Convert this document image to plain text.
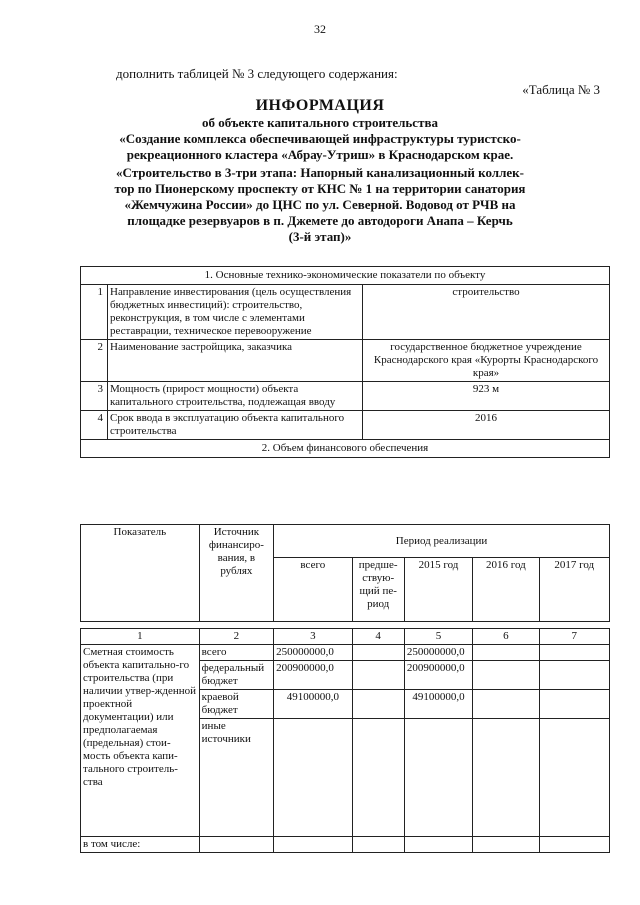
32
дополнить таблицей № 3 следующего содержания:
«Таблица № 3
ИНФОРМАЦИЯ
об объекте капитального строительства
«Создание комплекса обеспечивающей инфраструктуры туристско-
рекреационного кластера «Абрау-Утриш» в Краснодарском крае.
«Строительство в 3-три этапа: Напорный канализационный коллек-
тор по Пионерскому проспекту от КНС № 1 на территории санатория
«Жемчужина России» до ЦНС по ул. Северной. Водовод от РЧВ на
площадке резервуаров в п. Джемете до автодороги Анапа – Керчь
(3-й этап)»
1. Основные технико-экономические показатели по объекту		
1	Направление инвестирования (цель осуществления бюджетных инвестиций): строительство, реконструкция, в том числе с элементами реставрации, техническое перевооружение	строительство
2	Наименование застройщика, заказчика	государственное бюджетное учреждение Краснодарского края «Курорты Краснодарского края»
3	Мощность (прирост мощности) объекта капитального строительства, подлежащая вводу	923 м
4	Срок ввода в эксплуатацию объекта капитального строительства	2016
2. Объем финансового обеспечения		
Показатель	Источник финансиро-вания, в рублях	Период реализации				
		всего	предше-ствую-щий пе-риод	2015 год	2016 год	2017 год

1	2	3	4	5	6	7
Сметная стоимость объекта капитально-го строительства (при наличии утвер-жденной проектной документации) или предполагаемая (предельная) стои-мость объекта капи-тального строитель-ства	всего	250000000,0		250000000,0		
	федеральный бюджет	200900000,0		200900000,0		
	краевой бюджет	49100000,0		49100000,0		
	иные источники					
в том числе:						
